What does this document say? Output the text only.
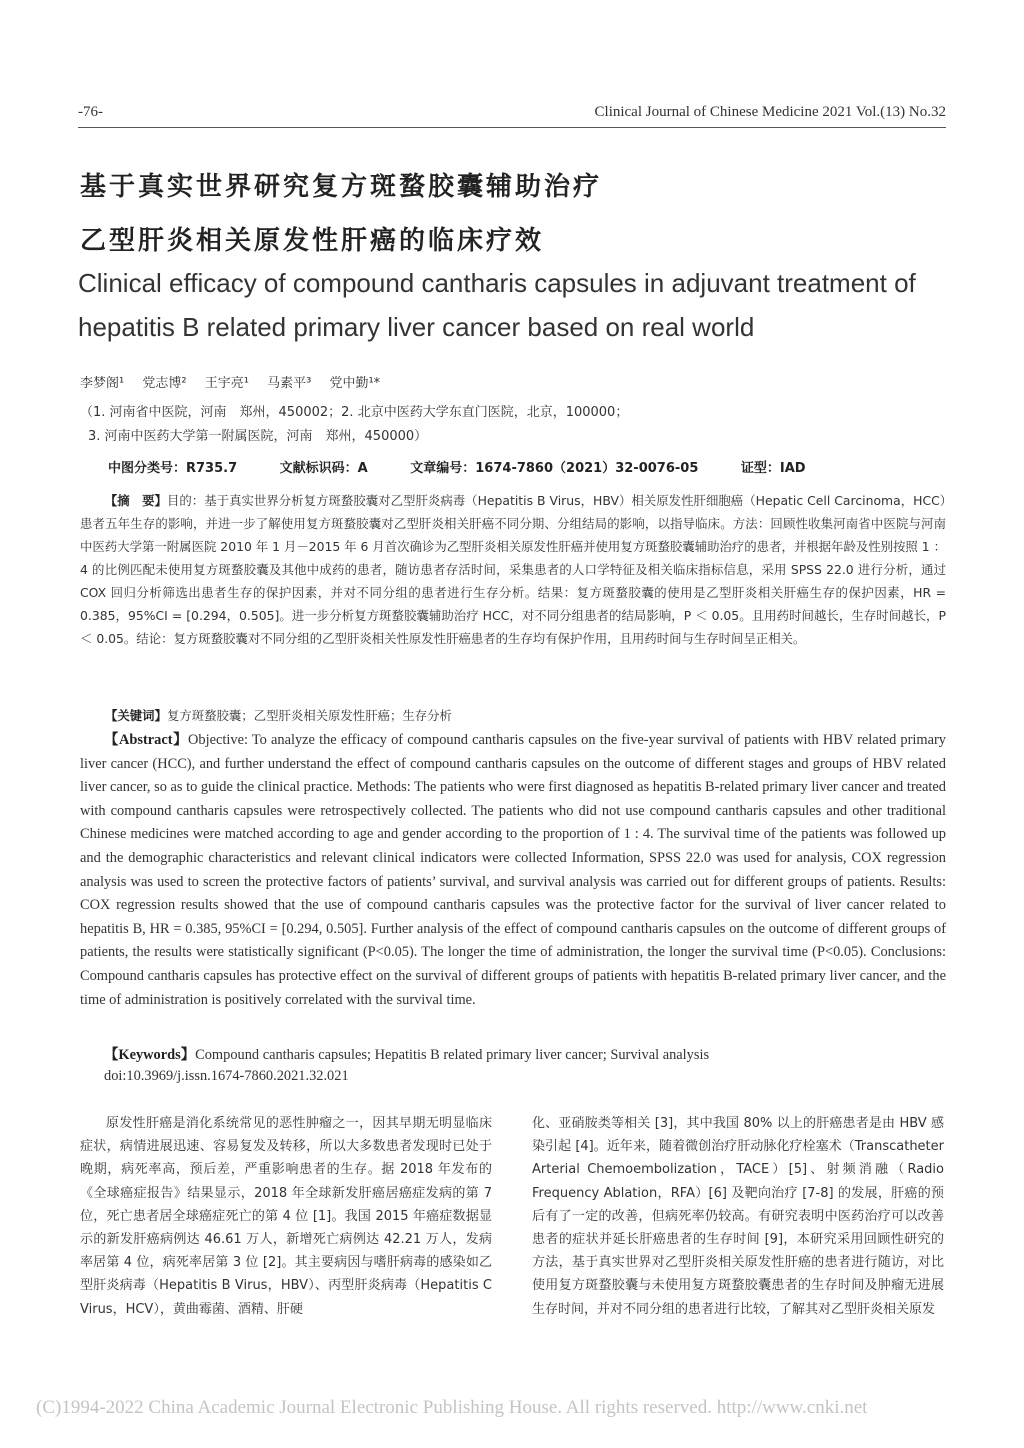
-76-	Clinical Journal of Chinese Medicine 2021 Vol.(13) No.32
基于真实世界研究复方斑蝥胶囊辅助治疗
乙型肝炎相关原发性肝癌的临床疗效
Clinical efficacy of compound cantharis capsules in adjuvant treatment of
hepatitis B related primary liver cancer based on real world
李梦阁¹ 党志博² 王宇亮¹ 马素平³ 党中勤¹*
（1. 河南省中医院，河南　郑州，450002；2. 北京中医药大学东直门医院，北京，100000；
3. 河南中医药大学第一附属医院，河南　郑州，450000）
中图分类号：R735.7	文献标识码：A	文章编号：1674-7860（2021）32-0076-05	证型：IAD

【摘　要】目的：基于真实世界分析复方斑蝥胶囊对乙型肝炎病毒（Hepatitis B Virus，HBV）相关原发性肝细胞癌（Hepatic Cell Carcinoma，HCC）患者五年生存的影响，并进一步了解使用复方斑蝥胶囊对乙型肝炎相关肝癌不同分期、分组结局的影响，以指导临床。方法：回顾性收集河南省中医院与河南中医药大学第一附属医院 2010 年 1 月－2015 年 6 月首次确诊为乙型肝炎相关原发性肝癌并使用复方斑蝥胶囊辅助治疗的患者，并根据年龄及性别按照 1 ： 4 的比例匹配未使用复方斑蝥胶囊及其他中成药的患者，随访患者存活时间，采集患者的人口学特征及相关临床指标信息，采用 SPSS 22.0 进行分析，通过 COX 回归分析筛选出患者生存的保护因素，并对不同分组的患者进行生存分析。结果：复方斑蝥胶囊的使用是乙型肝炎相关肝癌生存的保护因素，HR = 0.385，95%CI = [0.294，0.505]。进一步分析复方斑蝥胶囊辅助治疗 HCC，对不同分组患者的结局影响，P ＜ 0.05。且用药时间越长，生存时间越长，P ＜ 0.05。结论：复方斑蝥胶囊对不同分组的乙型肝炎相关性原发性肝癌患者的生存均有保护作用，且用药时间与生存时间呈正相关。

【关键词】复方斑蝥胶囊；乙型肝炎相关原发性肝癌；生存分析

【Abstract】Objective: To analyze the efficacy of compound cantharis capsules on the five-year survival of patients with HBV related primary liver cancer (HCC), and further understand the effect of compound cantharis capsules on the outcome of different stages and groups of HBV related liver cancer, so as to guide the clinical practice. Methods: The patients who were first diagnosed as hepatitis B-related primary liver cancer and treated with compound cantharis capsules were retrospectively collected. The patients who did not use compound cantharis capsules and other traditional Chinese medicines were matched according to age and gender according to the proportion of 1 : 4. The survival time of the patients was followed up and the demographic characteristics and relevant clinical indicators were collected Information, SPSS 22.0 was used for analysis, COX regression analysis was used to screen the protective factors of patients’ survival, and survival analysis was carried out for different groups of patients. Results: COX regression results showed that the use of compound cantharis capsules was the protective factor for the survival of liver cancer related to hepatitis B, HR = 0.385, 95%CI = [0.294, 0.505]. Further analysis of the effect of compound cantharis capsules on the outcome of different groups of patients, the results were statistically significant (P<0.05). The longer the time of administration, the longer the survival time (P<0.05). Conclusions: Compound cantharis capsules has protective effect on the survival of different groups of patients with hepatitis B-related primary liver cancer, and the time of administration is positively correlated with the survival time.

【Keywords】Compound cantharis capsules; Hepatitis B related primary liver cancer; Survival analysis
doi:10.3969/j.issn.1674-7860.2021.32.021

原发性肝癌是消化系统常见的恶性肿瘤之一，因其早期无明显临床症状，病情进展迅速、容易复发及转移，所以大多数患者发现时已处于晚期，病死率高，预后差，严重影响患者的生存。据 2018 年发布的《全球癌症报告》结果显示，2018 年全球新发肝癌居癌症发病的第 7 位，死亡患者居全球癌症死亡的第 4 位 [1]。我国 2015 年癌症数据显示的新发肝癌病例达 46.61 万人，新增死亡病例达 42.21 万人，发病率居第 4 位，病死率居第 3 位 [2]。其主要病因与嗜肝病毒的感染如乙型肝炎病毒（Hepatitis B Virus，HBV）、丙型肝炎病毒（Hepatitis C Virus，HCV），黄曲霉菌、酒精、肝硬

化、亚硝胺类等相关 [3]，其中我国 80% 以上的肝癌患者是由 HBV 感染引起 [4]。近年来，随着微创治疗肝动脉化疗栓塞术（Transcatheter Arterial Chemoembolization，TACE）[5]、射频消融（Radio Frequency Ablation，RFA）[6] 及靶向治疗 [7-8] 的发展，肝癌的预后有了一定的改善，但病死率仍较高。有研究表明中医药治疗可以改善患者的症状并延长肝癌患者的生存时间 [9]，本研究采用回顾性研究的方法，基于真实世界对乙型肝炎相关原发性肝癌的患者进行随访，对比使用复方斑蝥胶囊与未使用复方斑蝥胶囊患者的生存时间及肿瘤无进展生存时间，并对不同分组的患者进行比较，了解其对乙型肝炎相关原发

(C)1994-2022 China Academic Journal Electronic Publishing House. All rights reserved. http://www.cnki.net
